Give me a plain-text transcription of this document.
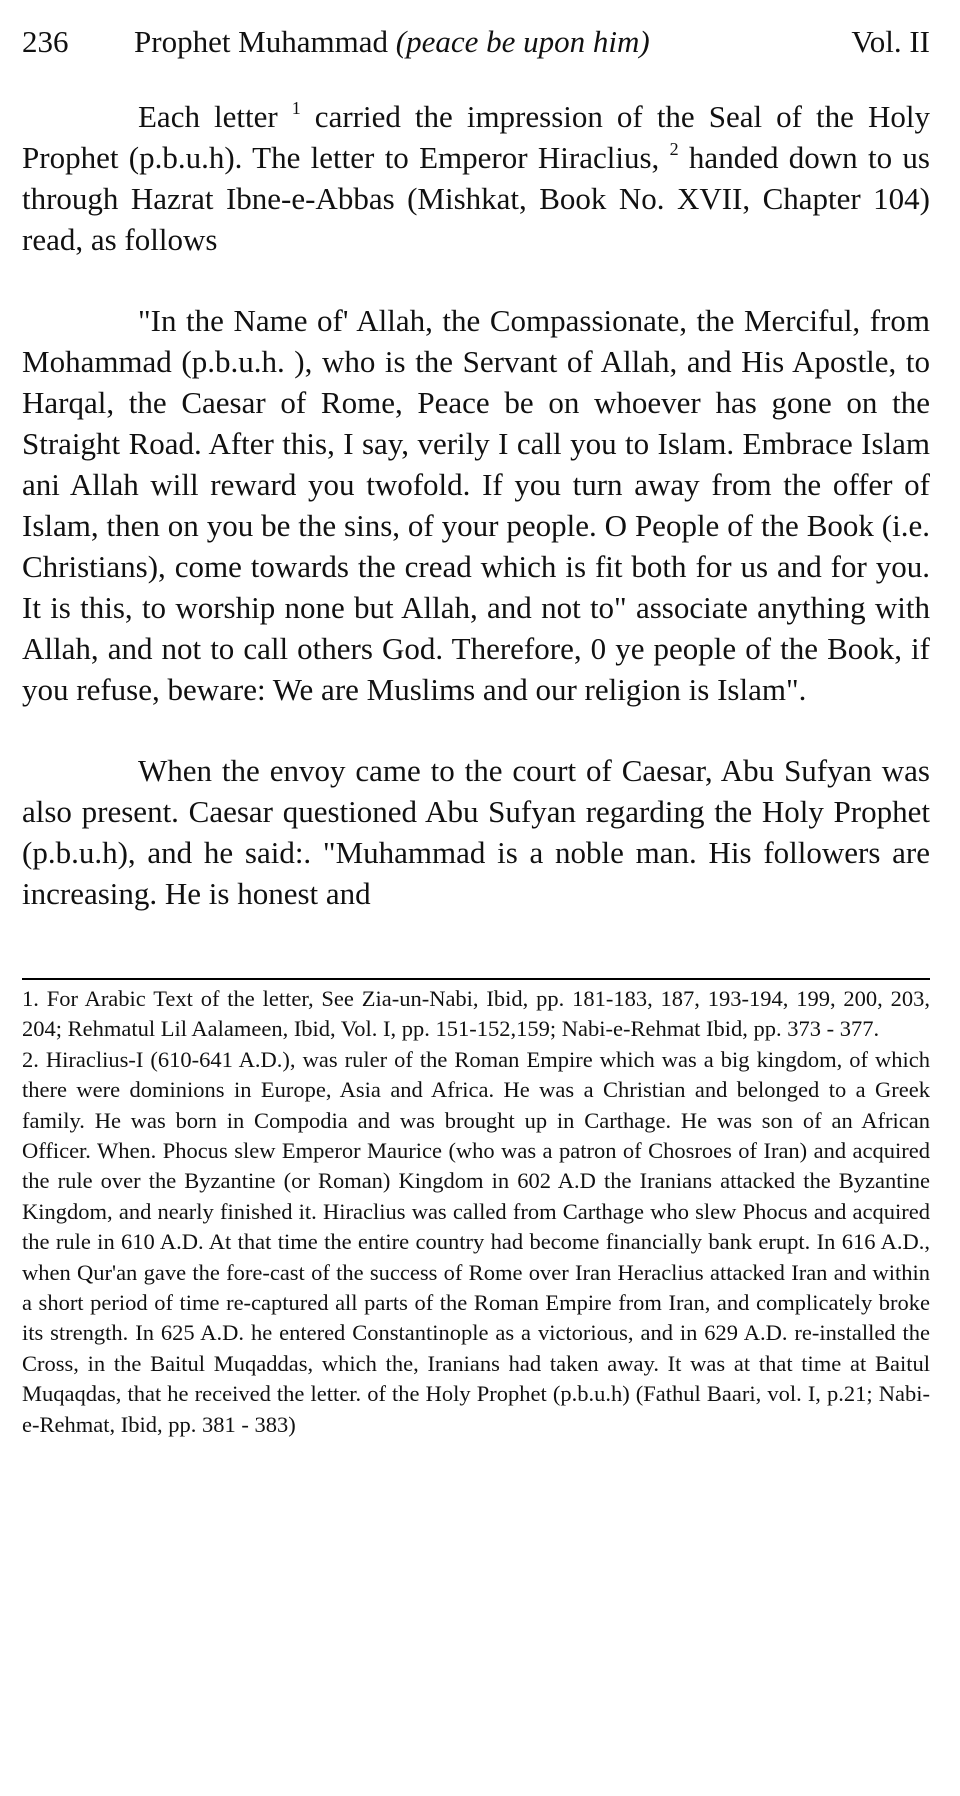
236 Prophet Muhammad (peace be upon him)	Vol. II

Each letter $^1$ carried the impression of the Seal of the Holy Prophet (p.b.u.h). The letter to Emperor Hiraclius, $^2$ handed down to us through Hazrat Ibne-e-Abbas (Mishkat, Book No. XVII, Chapter 104) read, as follows

"In the Name of' Allah, the Compassionate, the Merciful, from Mohammad (p.b.u.h. ), who is the Servant of Allah, and His Apostle, to Harqal, the Caesar of Rome, Peace be on whoever has gone on the Straight Road. After this, I say, verily I call you to Islam. Embrace Islam ani Allah will reward you twofold. If you turn away from the offer of Islam, then on you be the sins, of your people. O People of the Book (i.e. Christians), come towards the cread which is fit both for us and for you. It is this, to worship none but Allah, and not to" associate anything with Allah, and not to call others God. Therefore, 0 ye people of the Book, if you refuse, beware: We are Muslims and our religion is Islam".

When the envoy came to the court of Caesar, Abu Sufyan was also present. Caesar questioned Abu Sufyan regarding the Holy Prophet (p.b.u.h), and he said:. "Muhammad is a noble man. His followers are increasing. He is honest and

1. For Arabic Text of the letter, See Zia-un-Nabi, Ibid, pp. 181-183, 187, 193-194, 199, 200, 203, 204; Rehmatul Lil Aalameen, Ibid, Vol. I, pp. 151-152,159; Nabi-e-Rehmat Ibid, pp. 373 - 377.

2. Hiraclius-I (610-641 A.D.), was ruler of the Roman Empire which was a big kingdom, of which there were dominions in Europe, Asia and Africa. He was a Christian and belonged to a Greek family. He was born in Compodia and was brought up in Carthage. He was son of an African Officer. When. Phocus slew Emperor Maurice (who was a patron of Chosroes of Iran) and acquired the rule over the Byzantine (or Roman) Kingdom in 602 A.D the Iranians attacked the Byzantine Kingdom, and nearly finished it. Hiraclius was called from Carthage who slew Phocus and acquired the rule in 610 A.D. At that time the entire country had become financially bank erupt. In 616 A.D., when Qur'an gave the fore-cast of the success of Rome over Iran Heraclius attacked Iran and within a short period of time re-captured all parts of the Roman Empire from Iran, and complicately broke its strength. In 625 A.D. he entered Constantinople as a victorious, and in 629 A.D. re-installed the Cross, in the Baitul Muqaddas, which the, Iranians had taken away. It was at that time at Baitul Muqaqdas, that he received the letter. of the Holy Prophet (p.b.u.h) (Fathul Baari, vol. I, p.21; Nabi-e-Rehmat, Ibid, pp. 381 - 383)
